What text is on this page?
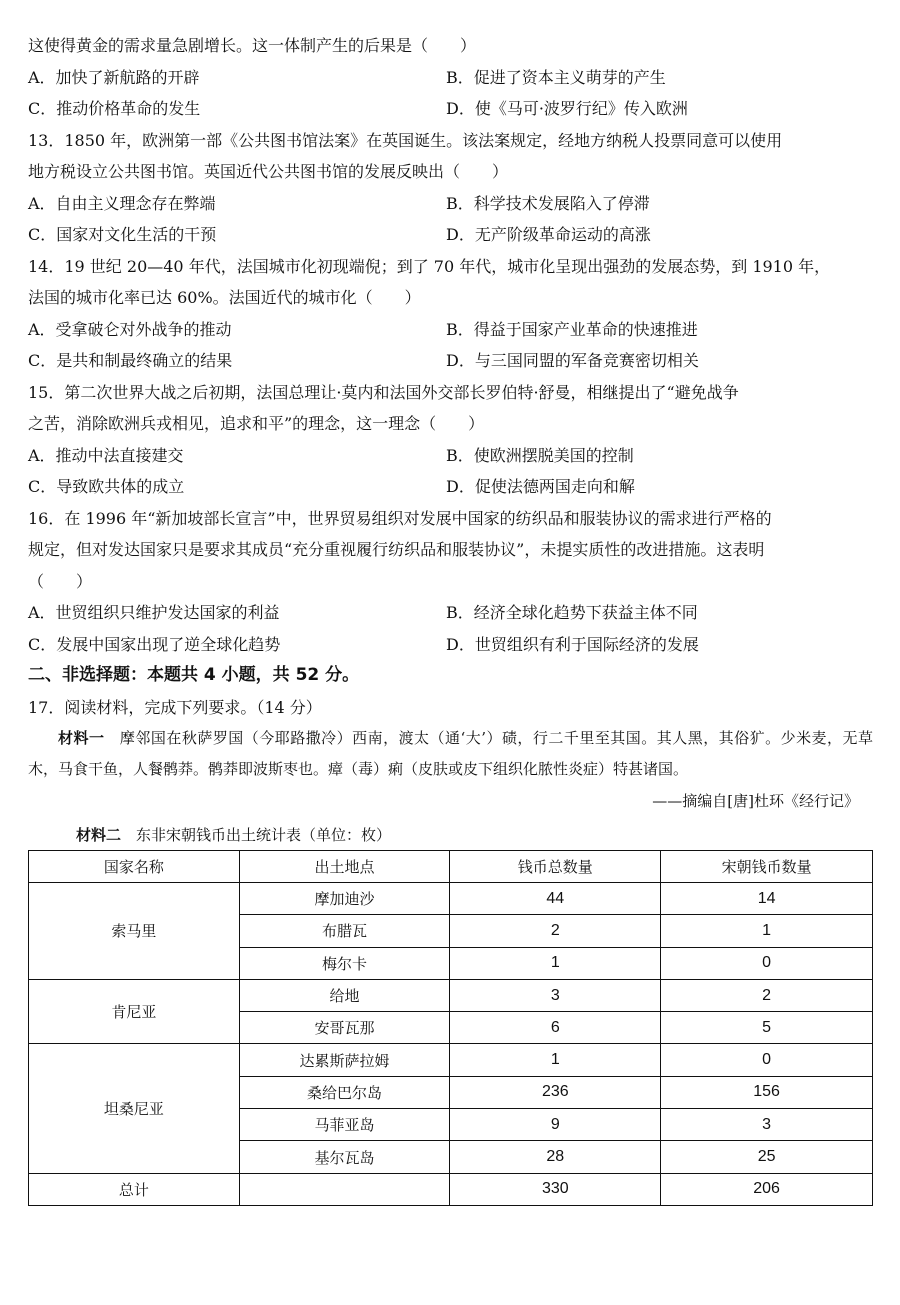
这使得黄金的需求量急剧增长。这一体制产生的后果是（　　）
A．加快了新航路的开辟	B．促进了资本主义萌芽的产生
C．推动价格革命的发生	D．使《马可·波罗行纪》传入欧洲
13．1850 年，欧洲第一部《公共图书馆法案》在英国诞生。该法案规定，经地方纳税人投票同意可以使用
地方税设立公共图书馆。英国近代公共图书馆的发展反映出（　　）
A．自由主义理念存在弊端	B．科学技术发展陷入了停滞
C．国家对文化生活的干预	D．无产阶级革命运动的高涨
14．19 世纪 20—40 年代，法国城市化初现端倪；到了 70 年代，城市化呈现出强劲的发展态势，到 1910 年，
法国的城市化率已达 60%。法国近代的城市化（　　）
A．受拿破仑对外战争的推动	B．得益于国家产业革命的快速推进
C．是共和制最终确立的结果	D．与三国同盟的军备竞赛密切相关
15．第二次世界大战之后初期，法国总理让·莫内和法国外交部长罗伯特·舒曼，相继提出了“避免战争
之苦，消除欧洲兵戎相见，追求和平”的理念，这一理念（　　）
A．推动中法直接建交	B．使欧洲摆脱美国的控制
C．导致欧共体的成立	D．促使法德两国走向和解
16．在 1996 年“新加坡部长宣言”中，世界贸易组织对发展中国家的纺织品和服装协议的需求进行严格的
规定，但对发达国家只是要求其成员“充分重视履行纺织品和服装协议”，未提实质性的改进措施。这表明
（　　）
A．世贸组织只维护发达国家的利益	B．经济全球化趋势下获益主体不同
C．发展中国家出现了逆全球化趋势	D．世贸组织有利于国际经济的发展
二、非选择题：本题共 4 小题，共 52 分。
17．阅读材料，完成下列要求。（14 分）
材料一　摩邻国在秋萨罗国（今耶路撒冷）西南，渡太（通‘大’）碛，行二千里至其国。其人黑，其俗犷。少米麦，无草木，马食干鱼，人餐鹘莽。鹘莽即波斯枣也。瘴（毒）痢（皮肤或皮下组织化脓性炎症）特甚诸国。
——摘编自[唐]杜环《经行记》
材料二　东非宋朝钱币出土统计表（单位：枚）
国家名称	出土地点	钱币总数量	宋朝钱币数量
索马里	摩加迪沙	44	14
	布腊瓦	2	1
	梅尔卡	1	0
肯尼亚	给地	3	2
	安哥瓦那	6	5
坦桑尼亚	达累斯萨拉姆	1	0
	桑给巴尔岛	236	156
	马菲亚岛	9	3
	基尔瓦岛	28	25
总计		330	206
